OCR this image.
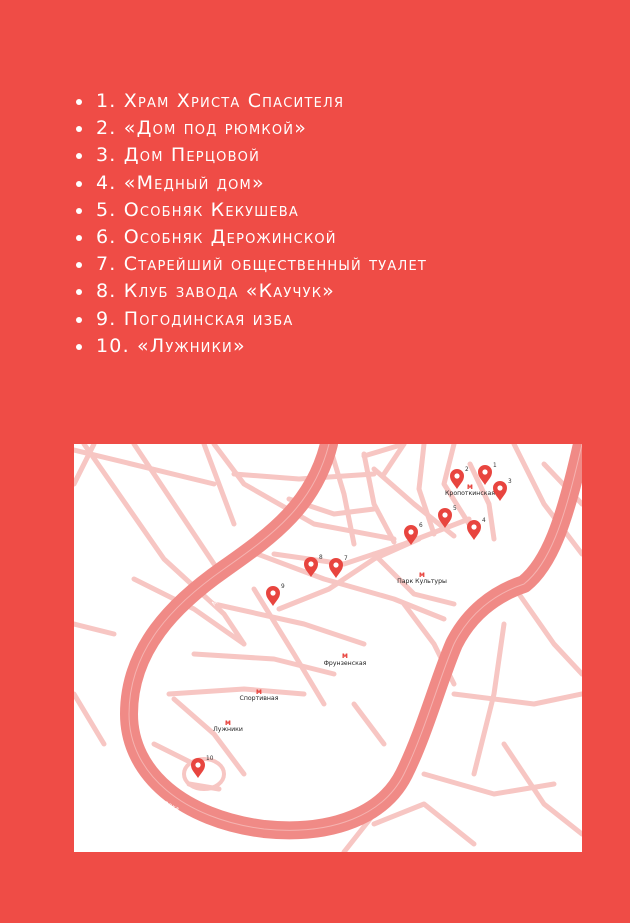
1. Храм Христа Спасителя
2. «Дом под рюмкой»
3. Дом Перцовой
4. «Медный дом»
5. Особняк Кекушева
6. Особняк Дерожинской
7. Старейший общественный туалет
8. Клуб завода «Каучук»
9. Погодинская изба
10. «Лужники»
Москва-река
Москва-река
Москва-река
м
Кропоткинская
м
Парк Культуры
м
Фрунзенская
м
Спортивная
м
Лужники
1
2
3
4
5
6
7
8
9
10
